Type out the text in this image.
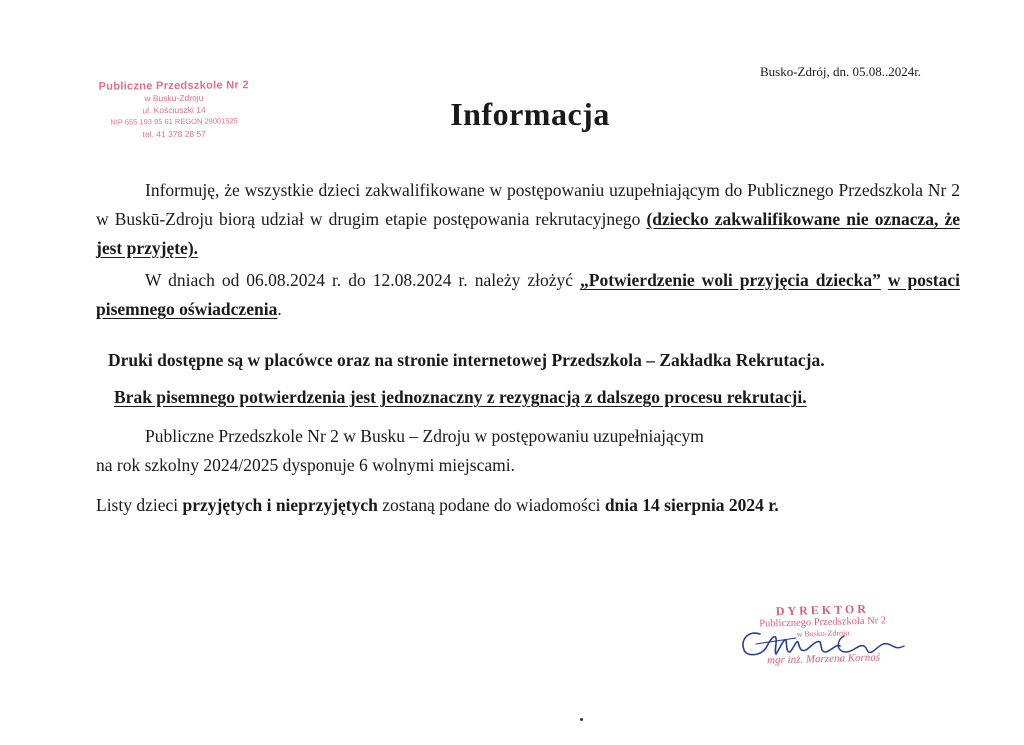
Publiczne Przedszkole Nr 2
w Busku-Zdroju
ul. Kościuszki 14
NIP 655 193 95 61 REGON 29001525
tel. 41 378 28 57
Busko-Zdrój, dn. 05.08..2024r.
Informacja

Informuję, że wszystkie dzieci zakwalifikowane w postępowaniu uzupełniającym do Publicznego Przedszkola Nr 2 w Buskū-Zdroju biorą udział w drugim etapie postępowania rekrutacyjnego (dziecko zakwalifikowane nie oznacza, że jest przyjęte).

W dniach od 06.08.2024 r. do 12.08.2024 r. należy złożyć „Potwierdzenie woli przyjęcia dziecka” w postaci pisemnego oświadczenia.

Druki dostępne są w placówce oraz na stronie internetowej Przedszkola – Zakładka Rekrutacja.

Brak pisemnego potwierdzenia jest jednoznaczny z rezygnacją z dalszego procesu rekrutacji.

Publiczne Przedszkole Nr 2 w Busku – Zdroju w postępowaniu uzupełniającym
na rok szkolny 2024/2025 dysponuje 6 wolnymi miejscami.

Listy dzieci przyjętych i nieprzyjętych zostaną podane do wiadomości dnia 14 sierpnia 2024 r.

DYREKTOR
Publicznego Przedszkola Nr 2
w Busku-Zdroju
mgr inż. Marzena Kornaś
